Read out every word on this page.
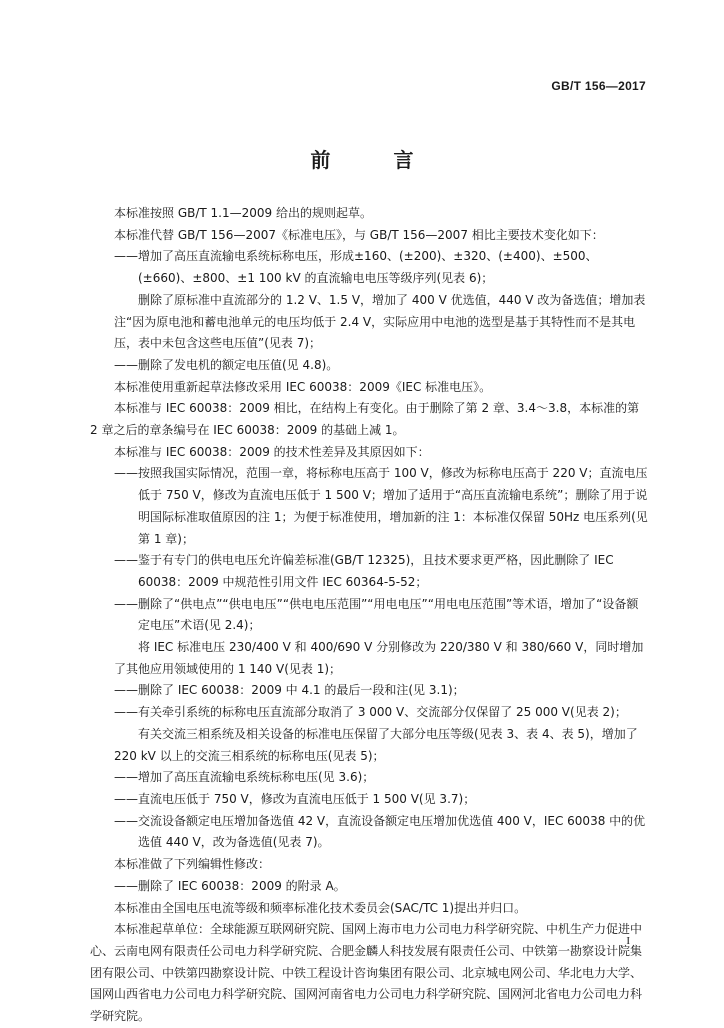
GB/T 156—2017
前 言

本标准按照 GB/T 1.1—2009 给出的规则起草。

本标准代替 GB/T 156—2007《标准电压》，与 GB/T 156—2007 相比主要技术变化如下：

——增加了高压直流输电系统标称电压，形成±160、(±200)、±320、(±400)、±500、(±660)、±800、±1 100 kV 的直流输电电压等级序列(见表 6)；

删除了原标准中直流部分的 1.2 V、1.5 V，增加了 400 V 优选值，440 V 改为备选值；增加表注“因为原电池和蓄电池单元的电压均低于 2.4 V，实际应用中电池的选型是基于其特性而不是其电压，表中未包含这些电压值”(见表 7)；

——删除了发电机的额定电压值(见 4.8)。

本标准使用重新起草法修改采用 IEC 60038：2009《IEC 标准电压》。

本标准与 IEC 60038：2009 相比，在结构上有变化。由于删除了第 2 章、3.4～3.8，本标准的第 2 章之后的章条编号在 IEC 60038：2009 的基础上减 1。

本标准与 IEC 60038：2009 的技术性差异及其原因如下：

——按照我国实际情况，范围一章，将标称电压高于 100 V，修改为标称电压高于 220 V；直流电压低于 750 V，修改为直流电压低于 1 500 V；增加了适用于“高压直流输电系统”；删除了用于说明国际标准取值原因的注 1；为便于标准使用，增加新的注 1：本标准仅保留 50Hz 电压系列(见第 1 章)；

——鉴于有专门的供电电压允许偏差标准(GB/T 12325)，且技术要求更严格，因此删除了 IEC 60038：2009 中规范性引用文件 IEC 60364-5-52；

——删除了“供电点”“供电电压”“供电电压范围”“用电电压”“用电电压范围”等术语，增加了“设备额定电压”术语(见 2.4)；

将 IEC 标准电压 230/400 V 和 400/690 V 分别修改为 220/380 V 和 380/660 V，同时增加了其他应用领域使用的 1 140 V(见表 1)；

——删除了 IEC 60038：2009 中 4.1 的最后一段和注(见 3.1)；

——有关牵引系统的标称电压直流部分取消了 3 000 V、交流部分仅保留了 25 000 V(见表 2)；

有关交流三相系统及相关设备的标准电压保留了大部分电压等级(见表 3、表 4、表 5)，增加了 220 kV 以上的交流三相系统的标称电压(见表 5)；

——增加了高压直流输电系统标称电压(见 3.6)；

——直流电压低于 750 V，修改为直流电压低于 1 500 V(见 3.7)；

——交流设备额定电压增加备选值 42 V，直流设备额定电压增加优选值 400 V，IEC 60038 中的优选值 440 V，改为备选值(见表 7)。

本标准做了下列编辑性修改：

——删除了 IEC 60038：2009 的附录 A。

本标准由全国电压电流等级和频率标准化技术委员会(SAC/TC 1)提出并归口。

本标准起草单位：全球能源互联网研究院、国网上海市电力公司电力科学研究院、中机生产力促进中心、云南电网有限责任公司电力科学研究院、合肥金麟人科技发展有限责任公司、中铁第一勘察设计院集团有限公司、中铁第四勘察设计院、中铁工程设计咨询集团有限公司、北京城电网公司、华北电力大学、国网山西省电力公司电力科学研究院、国网河南省电力公司电力科学研究院、国网河北省电力公司电力科学研究院。

I
